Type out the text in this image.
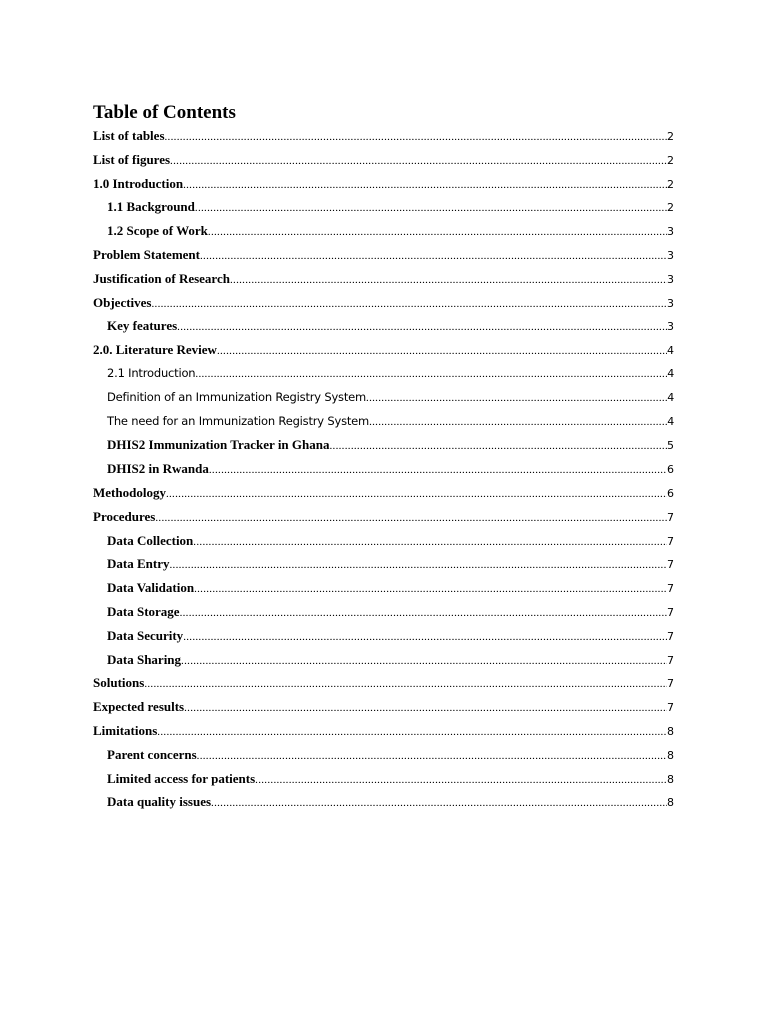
Table of Contents
List of tables .....	2
List of figures .....	2
1.0 Introduction .....	2
1.1 Background .....	2
1.2 Scope of Work .....	3
Problem Statement .....	3
Justification of Research .....	3
Objectives .....	3
Key features .....	3
2.0. Literature Review .....	4
2.1 Introduction .....	4
Definition of an Immunization Registry System .....	4
The need for an Immunization Registry System .....	4
DHIS2 Immunization Tracker in Ghana .....	5
DHIS2 in Rwanda .....	6
Methodology .....	6
Procedures .....	7
Data Collection .....	7
Data Entry .....	7
Data Validation .....	7
Data Storage .....	7
Data Security .....	7
Data Sharing .....	7
Solutions .....	7
Expected results .....	7
Limitations .....	8
Parent concerns .....	8
Limited access for patients .....	8
Data quality issues .....	8
